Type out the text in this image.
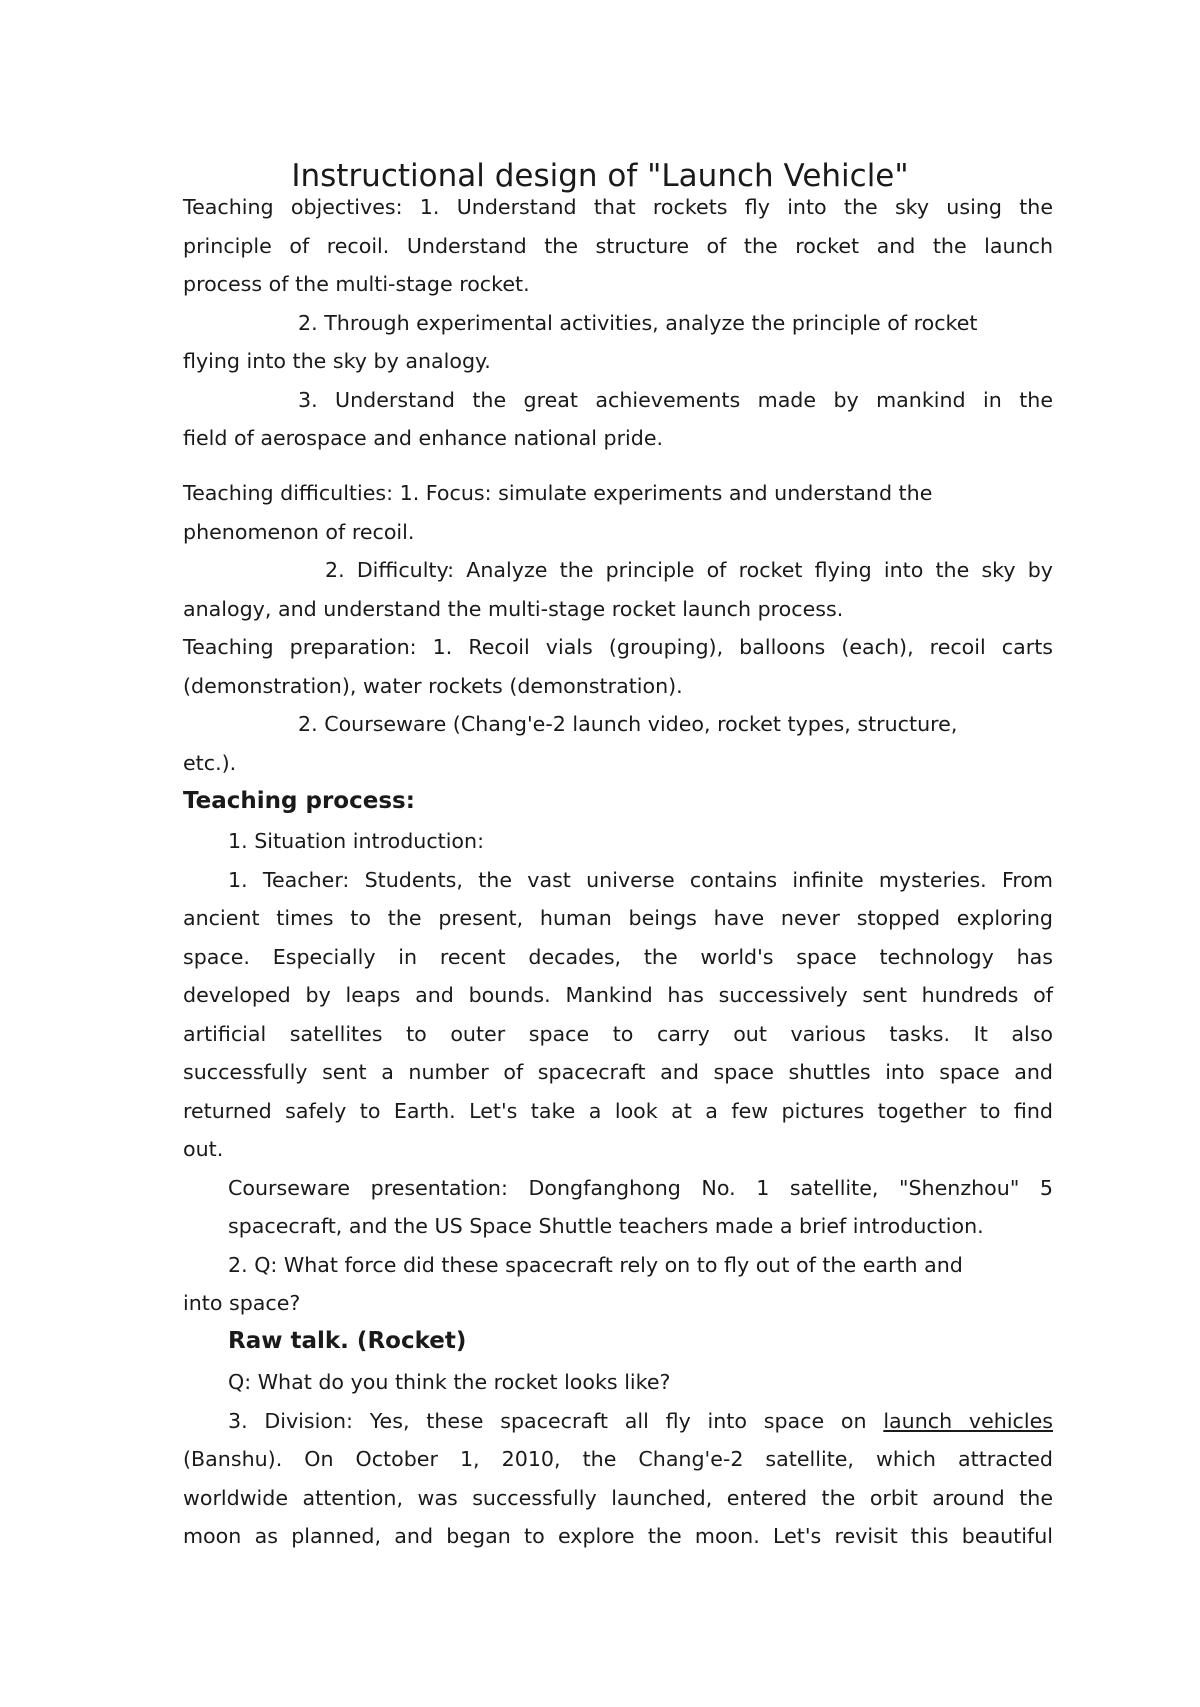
Instructional design of "Launch Vehicle"
Teaching objectives: 1. Understand that rockets fly into the sky using the
principle of recoil. Understand the structure of the rocket and the launch
process of the multi-stage rocket.
2. Through experimental activities, analyze the principle of rocket
flying into the sky by analogy.
3. Understand the great achievements made by mankind in the
field of aerospace and enhance national pride.
Teaching difficulties: 1. Focus: simulate experiments and understand the
phenomenon of recoil.
2. Difficulty: Analyze the principle of rocket flying into the sky by
analogy, and understand the multi-stage rocket launch process.
Teaching preparation: 1. Recoil vials (grouping), balloons (each), recoil carts
(demonstration), water rockets (demonstration).
2. Courseware (Chang'e-2 launch video, rocket types, structure,
etc.).
Teaching process:
1. Situation introduction:
1. Teacher: Students, the vast universe contains infinite mysteries. From
ancient times to the present, human beings have never stopped exploring
space. Especially in recent decades, the world's space technology has
developed by leaps and bounds. Mankind has successively sent hundreds of
artificial satellites to outer space to carry out various tasks. It also
successfully sent a number of spacecraft and space shuttles into space and
returned safely to Earth. Let's take a look at a few pictures together to find
out.
Courseware presentation: Dongfanghong No. 1 satellite, "Shenzhou" 5
spacecraft, and the US Space Shuttle teachers made a brief introduction.
2. Q: What force did these spacecraft rely on to fly out of the earth and
into space?
Raw talk. (Rocket)
Q: What do you think the rocket looks like?
3. Division: Yes, these spacecraft all fly into space on launch vehicles
(Banshu). On October 1, 2010, the Chang'e-2 satellite, which attracted
worldwide attention, was successfully launched, entered the orbit around the
moon as planned, and began to explore the moon. Let's revisit this beautiful
